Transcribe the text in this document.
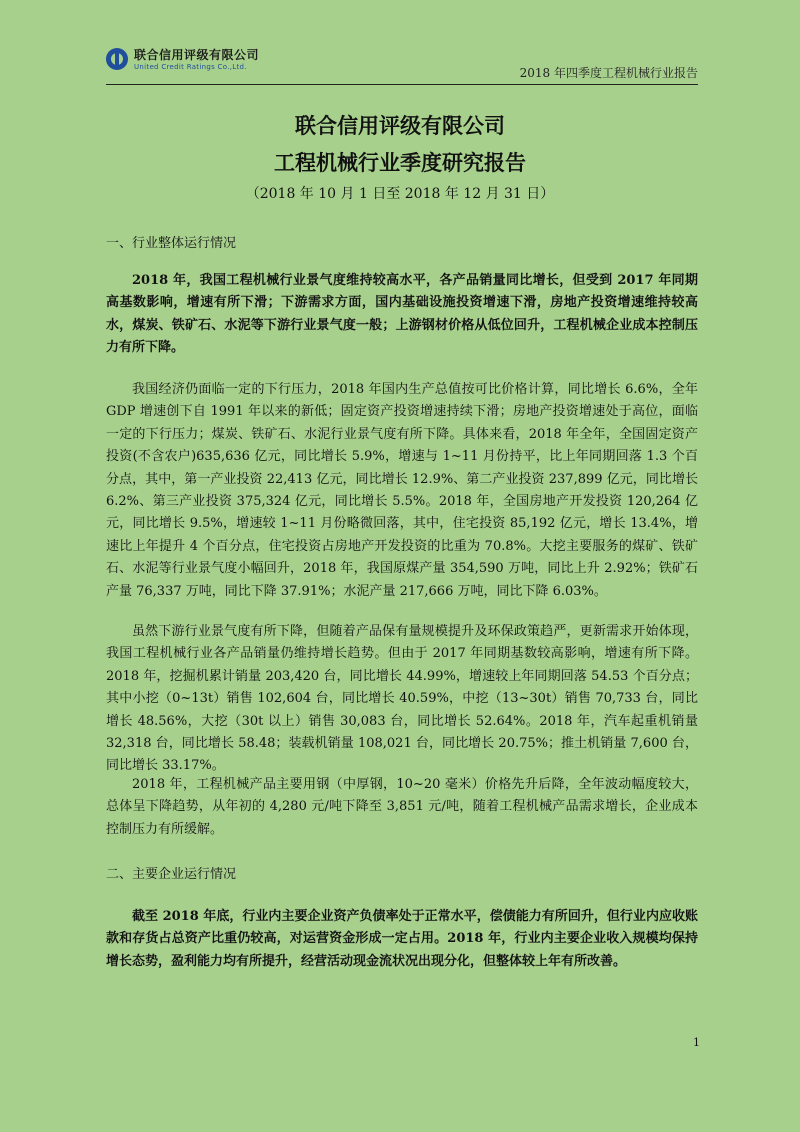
联合信用评级有限公司
United Credit Ratings Co.,Ltd.	2018 年四季度工程机械行业报告
联合信用评级有限公司
工程机械行业季度研究报告
（2018 年 10 月 1 日至 2018 年 12 月 31 日）
一、行业整体运行情况

2018 年，我国工程机械行业景气度维持较高水平，各产品销量同比增长，但受到 2017 年同期高基数影响，增速有所下滑；下游需求方面，国内基础设施投资增速下滑，房地产投资增速维持较高水，煤炭、铁矿石、水泥等下游行业景气度一般；上游钢材价格从低位回升，工程机械企业成本控制压力有所下降。

我国经济仍面临一定的下行压力，2018 年国内生产总值按可比价格计算，同比增长 6.6%，全年 GDP 增速创下自 1991 年以来的新低；固定资产投资增速持续下滑；房地产投资增速处于高位，面临一定的下行压力；煤炭、铁矿石、水泥行业景气度有所下降。具体来看，2018 年全年，全国固定资产投资(不含农户)635,636 亿元，同比增长 5.9%，增速与 1~11 月份持平，比上年同期回落 1.3 个百分点，其中，第一产业投资 22,413 亿元，同比增长 12.9%、第二产业投资 237,899 亿元，同比增长 6.2%、第三产业投资 375,324 亿元，同比增长 5.5%。2018 年，全国房地产开发投资 120,264 亿元，同比增长 9.5%，增速较 1~11 月份略微回落，其中，住宅投资 85,192 亿元，增长 13.4%，增速比上年提升 4 个百分点，住宅投资占房地产开发投资的比重为 70.8%。大挖主要服务的煤矿、铁矿石、水泥等行业景气度小幅回升，2018 年，我国原煤产量 354,590 万吨，同比上升 2.92%；铁矿石产量 76,337 万吨，同比下降 37.91%；水泥产量 217,666 万吨，同比下降 6.03%。

虽然下游行业景气度有所下降，但随着产品保有量规模提升及环保政策趋严，更新需求开始体现，我国工程机械行业各产品销量仍维持增长趋势。但由于 2017 年同期基数较高影响，增速有所下降。2018 年，挖掘机累计销量 203,420 台，同比增长 44.99%，增速较上年同期回落 54.53 个百分点；其中小挖（0~13t）销售 102,604 台，同比增长 40.59%，中挖（13~30t）销售 70,733 台，同比增长 48.56%，大挖（30t 以上）销售 30,083 台，同比增长 52.64%。2018 年，汽车起重机销量 32,318 台，同比增长 58.48；装载机销量 108,021 台，同比增长 20.75%；推土机销量 7,600 台，同比增长 33.17%。

2018 年，工程机械产品主要用钢（中厚钢，10~20 毫米）价格先升后降，全年波动幅度较大，总体呈下降趋势，从年初的 4,280 元/吨下降至 3,851 元/吨，随着工程机械产品需求增长，企业成本控制压力有所缓解。

二、主要企业运行情况

截至 2018 年底，行业内主要企业资产负债率处于正常水平，偿债能力有所回升，但行业内应收账款和存货占总资产比重仍较高，对运营资金形成一定占用。2018 年，行业内主要企业收入规模均保持增长态势，盈利能力均有所提升，经营活动现金流状况出现分化，但整体较上年有所改善。

1
